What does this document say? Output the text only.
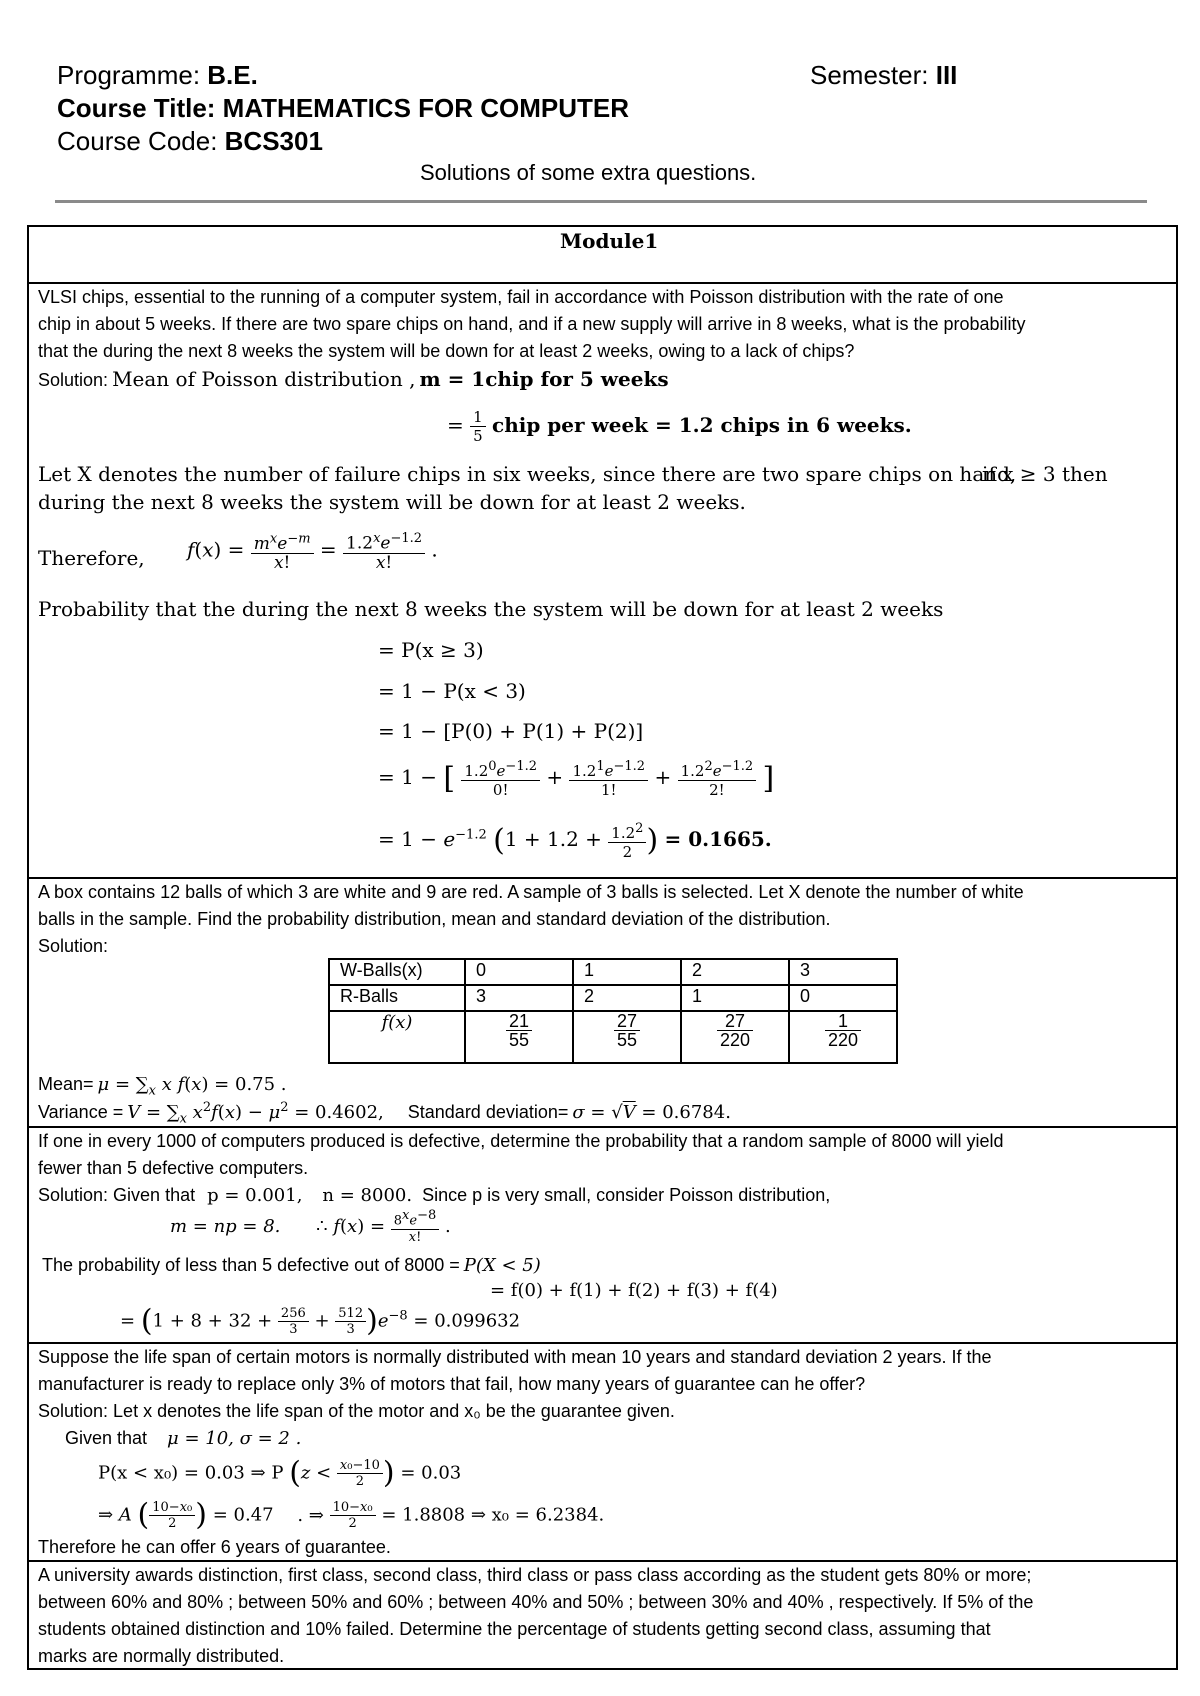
Programme: B.E.	Semester: III
Course Title: MATHEMATICS FOR COMPUTER
Course Code: BCS301
Solutions of some extra questions.
Module1
VLSI chips, essential to the running of a computer system, fail in accordance with Poisson distribution with the rate of one
chip in about 5 weeks. If there are two spare chips on hand, and if a new supply will arrive in 8 weeks, what is the probability
that the during the next 8 weeks the system will be down for at least 2 weeks, owing to a lack of chips?
Solution: Mean of Poisson distribution , m = 1chip for 5 weeks
= $\frac{1}{5}$ chip per week = 1.2 chips in 6 weeks.
Let X denotes the number of failure chips in six weeks, since there are two spare chips on hand,
if x ≥ 3 then
during the next 8 weeks the system will be down for at least 2 weeks.
Therefore, $f(x) = \frac{m^xe^{-m}}{x!} = \frac{1.2^xe^{-1.2}}{x!}$ .
Probability that the during the next 8 weeks the system will be down for at least 2 weeks
= P(x ≥ 3)
= 1 − P(x < 3)
= 1 − [P(0) + P(1) + P(2)]
= 1 − [ $\frac{1.2^0e^{-1.2}}{0!} + \frac{1.2^1e^{-1.2}}{1!} + \frac{1.2^2e^{-1.2}}{2!}$ ]
= $1 - e^{-1.2}$ ($1 + 1.2 + \frac{1.2^2}{2}$ ) = 0.1665.
A box contains 12 balls of which 3 are white and 9 are red. A sample of 3 balls is selected. Let X denote the number of white
balls in the sample. Find the probability distribution, mean and standard deviation of the distribution.
Solution:
W-Balls(x)	0	1	2	3
R-Balls	3	2	1	0
f(x)	$\frac{21}{55}$	$\frac{27}{55}$	$\frac{27}{220}$	$\frac{1}{220}$
Mean= $\mu = \sum_x$ x f(x) = 0.75 .
Variance = $V = \sum_x$ $x^2f(x) - \mu^2 = 0.4602$, Standard deviation= σ = √V = 0.6784.
If one in every 1000 of computers produced is defective, determine the probability that a random sample of 8000 will yield
fewer than 5 defective computers.
Solution: Given that p = 0.001, n = 8000. Since p is very small, consider Poisson distribution,
m = np = 8. ∴ $f(x) = \frac{8^xe^{-8}}{x!}$ .
The probability of less than 5 defective out of 8000 = P(X < 5)
= f(0) + f(1) + f(2) + f(3) + f(4)
= $(1 + 8 + 32 + \frac{256}{3} + \frac{512}{3} )e^{-8} = 0.099632$
Suppose the life span of certain motors is normally distributed with mean 10 years and standard deviation 2 years. If the
manufacturer is ready to replace only 3% of motors that fail, how many years of guarantee can he offer?
Solution: Let x denotes the life span of the motor and x₀ be the guarantee given.
Given that μ = 10, σ = 2 .
P(x < x₀) = 0.03 ⇒ P ($z < \frac{\text{x₀−10}}{2}$ ) = 0.03
⇒ A ( $\frac{\text{10−x₀}}{2}$ ) = 0.47 . ⇒ $\frac{\text{10−x₀}}{2} = 1.8808$ ⇒ x₀ = 6.2384.
Therefore he can offer 6 years of guarantee.
A university awards distinction, first class, second class, third class or pass class according as the student gets 80% or more;
between 60% and 80% ; between 50% and 60% ; between 40% and 50% ; between 30% and 40% , respectively. If 5% of the
students obtained distinction and 10% failed. Determine the percentage of students getting second class, assuming that
marks are normally distributed.
